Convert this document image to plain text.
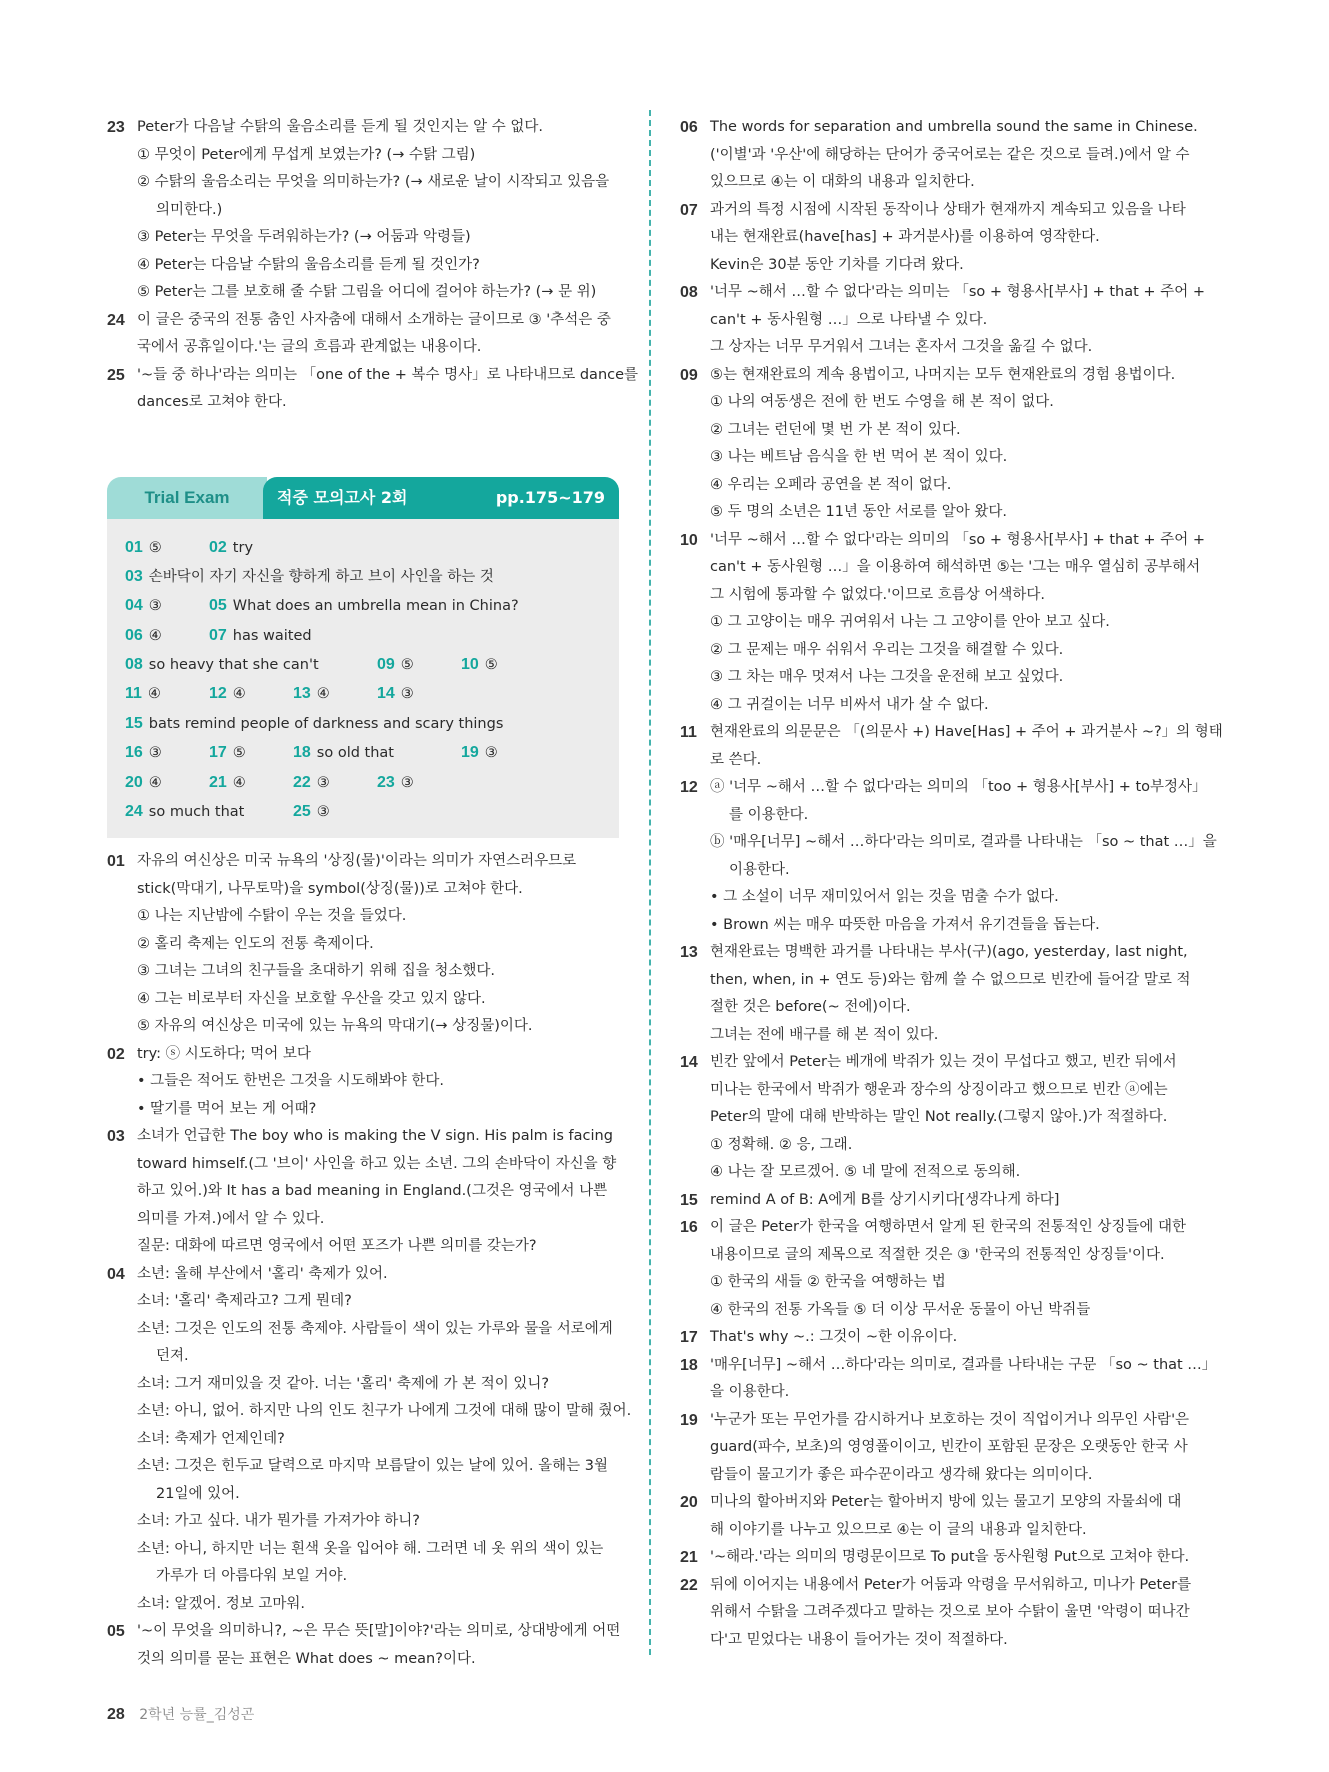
23 Peter가 다음날 수탉의 울음소리를 듣게 될 것인지는 알 수 없다.
① 무엇이 Peter에게 무섭게 보였는가? (→ 수탉 그림)
② 수탉의 울음소리는 무엇을 의미하는가? (→ 새로운 날이 시작되고 있음을
의미한다.)
③ Peter는 무엇을 두려워하는가? (→ 어둠과 악령들)
④ Peter는 다음날 수탉의 울음소리를 듣게 될 것인가?
⑤ Peter는 그를 보호해 줄 수탉 그림을 어디에 걸어야 하는가? (→ 문 위)
24 이 글은 중국의 전통 춤인 사자춤에 대해서 소개하는 글이므로 ③ '추석은 중
국에서 공휴일이다.'는 글의 흐름과 관계없는 내용이다.
25 '~들 중 하나'라는 의미는 「one of the + 복수 명사」로 나타내므로 dance를
dances로 고쳐야 한다.
Trial Exam	적중 모의고사 2회	pp.175~179
01 ⑤	02 try
03 손바닥이 자기 자신을 향하게 하고 브이 사인을 하는 것
04 ③	05 What does an umbrella mean in China?
06 ④	07 has waited
08 so heavy that she can't	09 ⑤	10 ⑤
11 ④	12 ④	13 ④	14 ③
15 bats remind people of darkness and scary things
16 ③	17 ⑤	18 so old that	19 ③
20 ④	21 ④	22 ③	23 ③
24 so much that	25 ③
01 자유의 여신상은 미국 뉴욕의 '상징(물)'이라는 의미가 자연스러우므로
stick(막대기, 나무토막)을 symbol(상징(물))로 고쳐야 한다.
① 나는 지난밤에 수탉이 우는 것을 들었다.
② 홀리 축제는 인도의 전통 축제이다.
③ 그녀는 그녀의 친구들을 초대하기 위해 집을 청소했다.
④ 그는 비로부터 자신을 보호할 우산을 갖고 있지 않다.
⑤ 자유의 여신상은 미국에 있는 뉴욕의 막대기(→ 상징물)이다.
02 try: ⓢ 시도하다; 먹어 보다
• 그들은 적어도 한번은 그것을 시도해봐야 한다.
• 딸기를 먹어 보는 게 어때?
03 소녀가 언급한 The boy who is making the V sign. His palm is facing
toward himself.(그 '브이' 사인을 하고 있는 소년. 그의 손바닥이 자신을 향
하고 있어.)와 It has a bad meaning in England.(그것은 영국에서 나쁜
의미를 가져.)에서 알 수 있다.
질문: 대화에 따르면 영국에서 어떤 포즈가 나쁜 의미를 갖는가?
04 소년: 올해 부산에서 '홀리' 축제가 있어.
소녀: '홀리' 축제라고? 그게 뭔데?
소년: 그것은 인도의 전통 축제야. 사람들이 색이 있는 가루와 물을 서로에게
던져.
소녀: 그거 재미있을 것 같아. 너는 '홀리' 축제에 가 본 적이 있니?
소년: 아니, 없어. 하지만 나의 인도 친구가 나에게 그것에 대해 많이 말해 줬어.
소녀: 축제가 언제인데?
소년: 그것은 힌두교 달력으로 마지막 보름달이 있는 날에 있어. 올해는 3월
21일에 있어.
소녀: 가고 싶다. 내가 뭔가를 가져가야 하니?
소년: 아니, 하지만 너는 흰색 옷을 입어야 해. 그러면 네 옷 위의 색이 있는
가루가 더 아름다워 보일 거야.
소녀: 알겠어. 정보 고마워.
05 '~이 무엇을 의미하니?, ~은 무슨 뜻[말]이야?'라는 의미로, 상대방에게 어떤
것의 의미를 묻는 표현은 What does ~ mean?이다.
06 The words for separation and umbrella sound the same in Chinese.
('이별'과 '우산'에 해당하는 단어가 중국어로는 같은 것으로 들려.)에서 알 수
있으므로 ④는 이 대화의 내용과 일치한다.
07 과거의 특정 시점에 시작된 동작이나 상태가 현재까지 계속되고 있음을 나타
내는 현재완료(have[has] + 과거분사)를 이용하여 영작한다.
Kevin은 30분 동안 기차를 기다려 왔다.
08 '너무 ~해서 …할 수 없다'라는 의미는 「so + 형용사[부사] + that + 주어 +
can't + 동사원형 …」으로 나타낼 수 있다.
그 상자는 너무 무거워서 그녀는 혼자서 그것을 옮길 수 없다.
09 ⑤는 현재완료의 계속 용법이고, 나머지는 모두 현재완료의 경험 용법이다.
① 나의 여동생은 전에 한 번도 수영을 해 본 적이 없다.
② 그녀는 런던에 몇 번 가 본 적이 있다.
③ 나는 베트남 음식을 한 번 먹어 본 적이 있다.
④ 우리는 오페라 공연을 본 적이 없다.
⑤ 두 명의 소년은 11년 동안 서로를 알아 왔다.
10 '너무 ~해서 …할 수 없다'라는 의미의 「so + 형용사[부사] + that + 주어 +
can't + 동사원형 …」을 이용하여 해석하면 ⑤는 '그는 매우 열심히 공부해서
그 시험에 통과할 수 없었다.'이므로 흐름상 어색하다.
① 그 고양이는 매우 귀여워서 나는 그 고양이를 안아 보고 싶다.
② 그 문제는 매우 쉬워서 우리는 그것을 해결할 수 있다.
③ 그 차는 매우 멋져서 나는 그것을 운전해 보고 싶었다.
④ 그 귀걸이는 너무 비싸서 내가 살 수 없다.
11 현재완료의 의문문은 「(의문사 +) Have[Has] + 주어 + 과거분사 ~?」의 형태
로 쓴다.
12 ⓐ '너무 ~해서 …할 수 없다'라는 의미의 「too + 형용사[부사] + to부정사」
를 이용한다.
ⓑ '매우[너무] ~해서 …하다'라는 의미로, 결과를 나타내는 「so ~ that …」을
이용한다.
• 그 소설이 너무 재미있어서 읽는 것을 멈출 수가 없다.
• Brown 씨는 매우 따뜻한 마음을 가져서 유기견들을 돕는다.
13 현재완료는 명백한 과거를 나타내는 부사(구)(ago, yesterday, last night,
then, when, in + 연도 등)와는 함께 쓸 수 없으므로 빈칸에 들어갈 말로 적
절한 것은 before(~ 전에)이다.
그녀는 전에 배구를 해 본 적이 있다.
14 빈칸 앞에서 Peter는 베개에 박쥐가 있는 것이 무섭다고 했고, 빈칸 뒤에서
미나는 한국에서 박쥐가 행운과 장수의 상징이라고 했으므로 빈칸 ⓐ에는
Peter의 말에 대해 반박하는 말인 Not really.(그렇지 않아.)가 적절하다.
① 정확해. ② 응, 그래.
④ 나는 잘 모르겠어. ⑤ 네 말에 전적으로 동의해.
15 remind A of B: A에게 B를 상기시키다[생각나게 하다]
16 이 글은 Peter가 한국을 여행하면서 알게 된 한국의 전통적인 상징들에 대한
내용이므로 글의 제목으로 적절한 것은 ③ '한국의 전통적인 상징들'이다.
① 한국의 새들 ② 한국을 여행하는 법
④ 한국의 전통 가옥들 ⑤ 더 이상 무서운 동물이 아닌 박쥐들
17 That's why ~.: 그것이 ~한 이유이다.
18 '매우[너무] ~해서 …하다'라는 의미로, 결과를 나타내는 구문 「so ~ that …」
을 이용한다.
19 '누군가 또는 무언가를 감시하거나 보호하는 것이 직업이거나 의무인 사람'은
guard(파수, 보초)의 영영풀이이고, 빈칸이 포함된 문장은 오랫동안 한국 사
람들이 물고기가 좋은 파수꾼이라고 생각해 왔다는 의미이다.
20 미나의 할아버지와 Peter는 할아버지 방에 있는 물고기 모양의 자물쇠에 대
해 이야기를 나누고 있으므로 ④는 이 글의 내용과 일치한다.
21 '~해라.'라는 의미의 명령문이므로 To put을 동사원형 Put으로 고쳐야 한다.
22 뒤에 이어지는 내용에서 Peter가 어둠과 악령을 무서워하고, 미나가 Peter를
위해서 수탉을 그려주겠다고 말하는 것으로 보아 수탉이 울면 '악령이 떠나간
다'고 믿었다는 내용이 들어가는 것이 적절하다.
28 2학년 능률_김성곤
